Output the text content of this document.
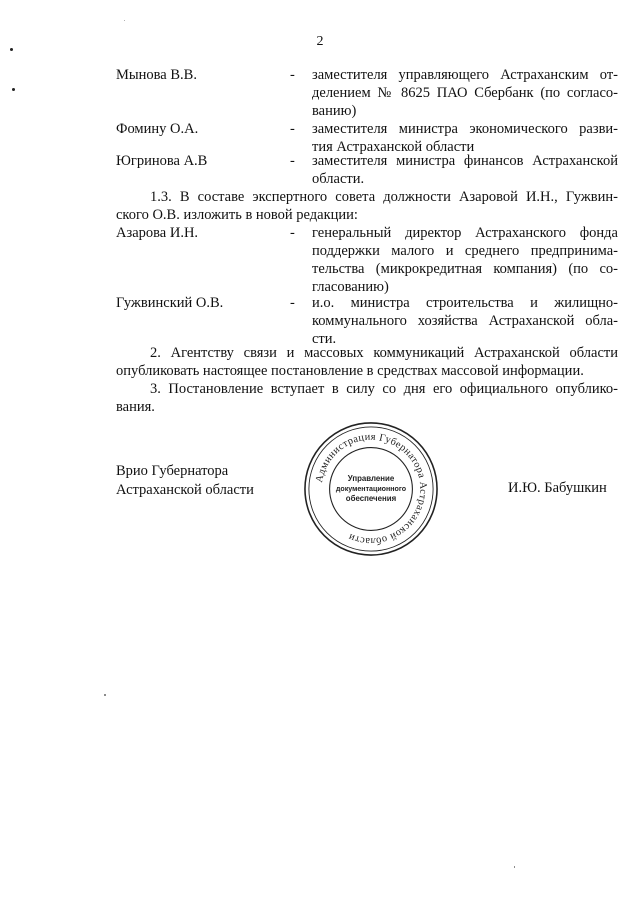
2
Мынова В.В.	-	заместителя управляющего Астраханским от-
делением № 8625 ПАО Сбербанк (по согласо-
ванию)
Фомину О.А.	-	заместителя министра экономического разви-
тия Астраханской области
Югринова А.В	-	заместителя министра финансов Астраханской
области.
1.3. В составе экспертного совета должности Азаровой И.Н., Гужвин-
ского О.В. изложить в новой редакции:
Азарова И.Н.	-	генеральный директор Астраханского фонда
поддержки малого и среднего предпринима-
тельства (микрокредитная компания) (по со-
гласованию)
Гужвинский О.В.	-	и.о. министра строительства и жилищно-
коммунального хозяйства Астраханской обла-
сти.
2. Агентству связи и массовых коммуникаций Астраханской области
опубликовать настоящее постановление в средствах массовой информации.
3. Постановление вступает в силу со дня его официального опублико-
вания.
Врио Губернатора
Астраханской области	И.Ю. Бабушкин
Администрация Губернатора Астраханской области
Управление
документационного
обеспечения
